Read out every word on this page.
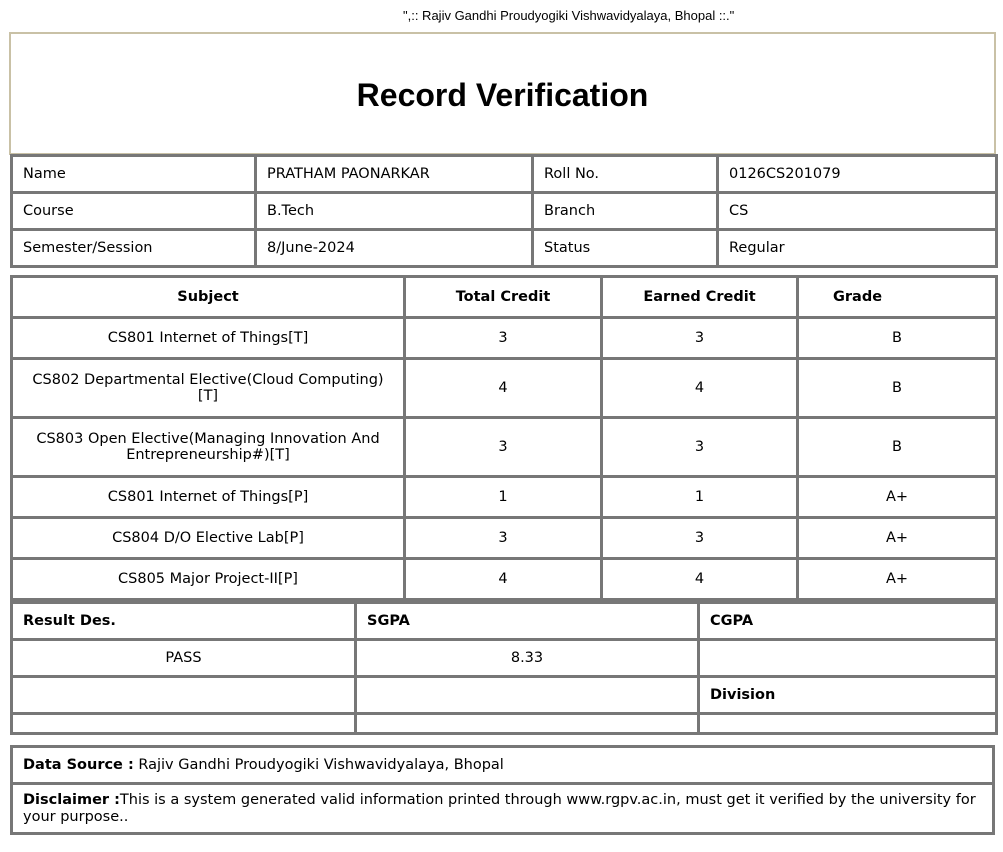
",:: Rajiv Gandhi Proudyogiki Vishwavidyalaya, Bhopal ::."
Record Verification
Name	PRATHAM PAONARKAR	Roll No.	0126CS201079
Course	B.Tech	Branch	CS
Semester/Session	8/June-2024	Status	Regular
Subject	Total Credit	Earned Credit	Grade
CS801 Internet of Things[T]	3	3	B
CS802 Departmental Elective(Cloud Computing)[T]	4	4	B
CS803 Open Elective(Managing Innovation And Entrepreneurship#)[T]	3	3	B
CS801 Internet of Things[P]	1	1	A+
CS804 D/O Elective Lab[P]	3	3	A+
CS805 Major Project-II[P]	4	4	A+
Result Des.	SGPA	CGPA
PASS	8.33	
		Division

Data Source : Rajiv Gandhi Proudyogiki Vishwavidyalaya, Bhopal
Disclaimer :This is a system generated valid information printed through www.rgpv.ac.in, must get it verified by the university for your purpose..
